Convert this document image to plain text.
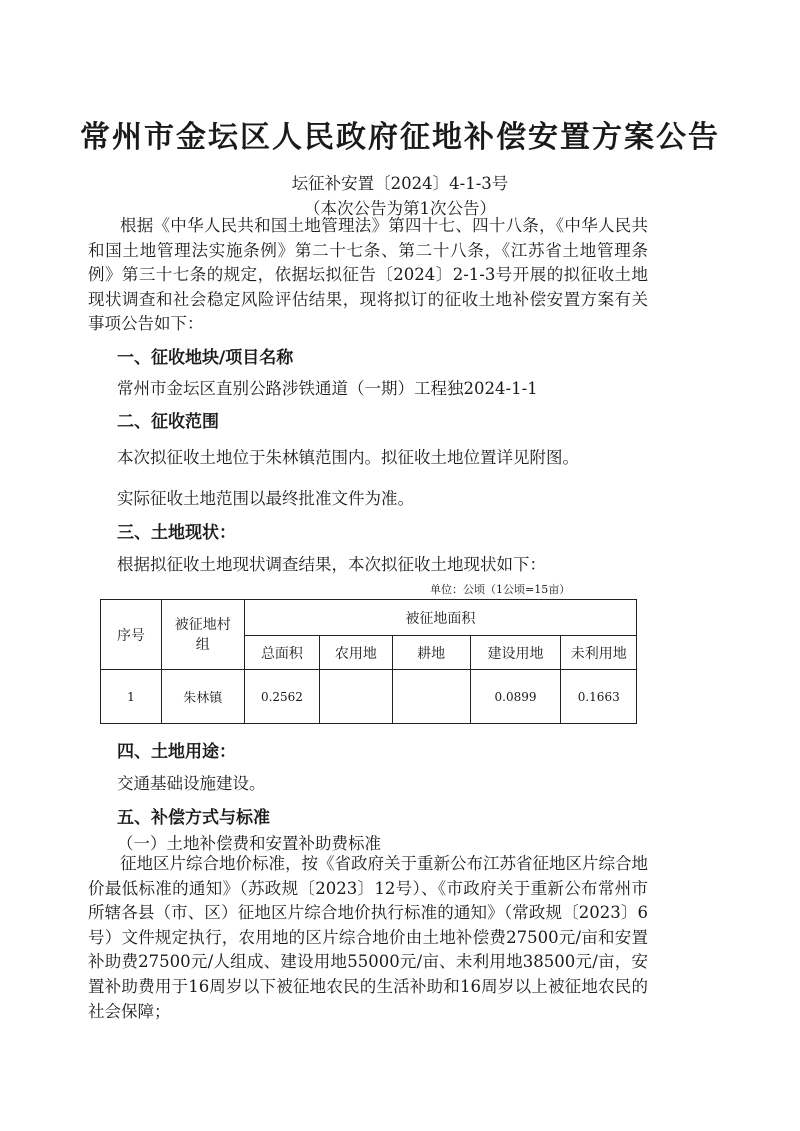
常州市金坛区人民政府征地补偿安置方案公告
坛征补安置〔2024〕4-1-3号
（本次公告为第1次公告）
根据《中华人民共和国土地管理法》第四十七、四十八条，《中华人民共和国土地管理法实施条例》第二十七条、第二十八条，《江苏省土地管理条例》第三十七条的规定，依据坛拟征告〔2024〕2-1-3号开展的拟征收土地现状调查和社会稳定风险评估结果，现将拟订的征收土地补偿安置方案有关事项公告如下：
一、征收地块/项目名称
常州市金坛区直别公路涉铁通道（一期）工程独2024-1-1
二、征收范围
本次拟征收土地位于朱林镇范围内。拟征收土地位置详见附图。
实际征收土地范围以最终批准文件为准。
三、土地现状：
根据拟征收土地现状调查结果，本次拟征收土地现状如下：
单位：公顷（1公顷=15亩）
序号	被征地村组	被征地面积				
		总面积	农用地	耕地	建设用地	未利用地
1	朱林镇	0.2562			0.0899	0.1663
四、土地用途：
交通基础设施建设。
五、补偿方式与标准
（一）土地补偿费和安置补助费标准
征地区片综合地价标准，按《省政府关于重新公布江苏省征地区片综合地价最低标准的通知》（苏政规〔2023〕12号）、《市政府关于重新公布常州市所辖各县（市、区）征地区片综合地价执行标准的通知》（常政规〔2023〕6号）文件规定执行，农用地的区片综合地价由土地补偿费27500元/亩和安置补助费27500元/人组成、建设用地55000元/亩、未利用地38500元/亩，安置补助费用于16周岁以下被征地农民的生活补助和16周岁以上被征地农民的社会保障；
